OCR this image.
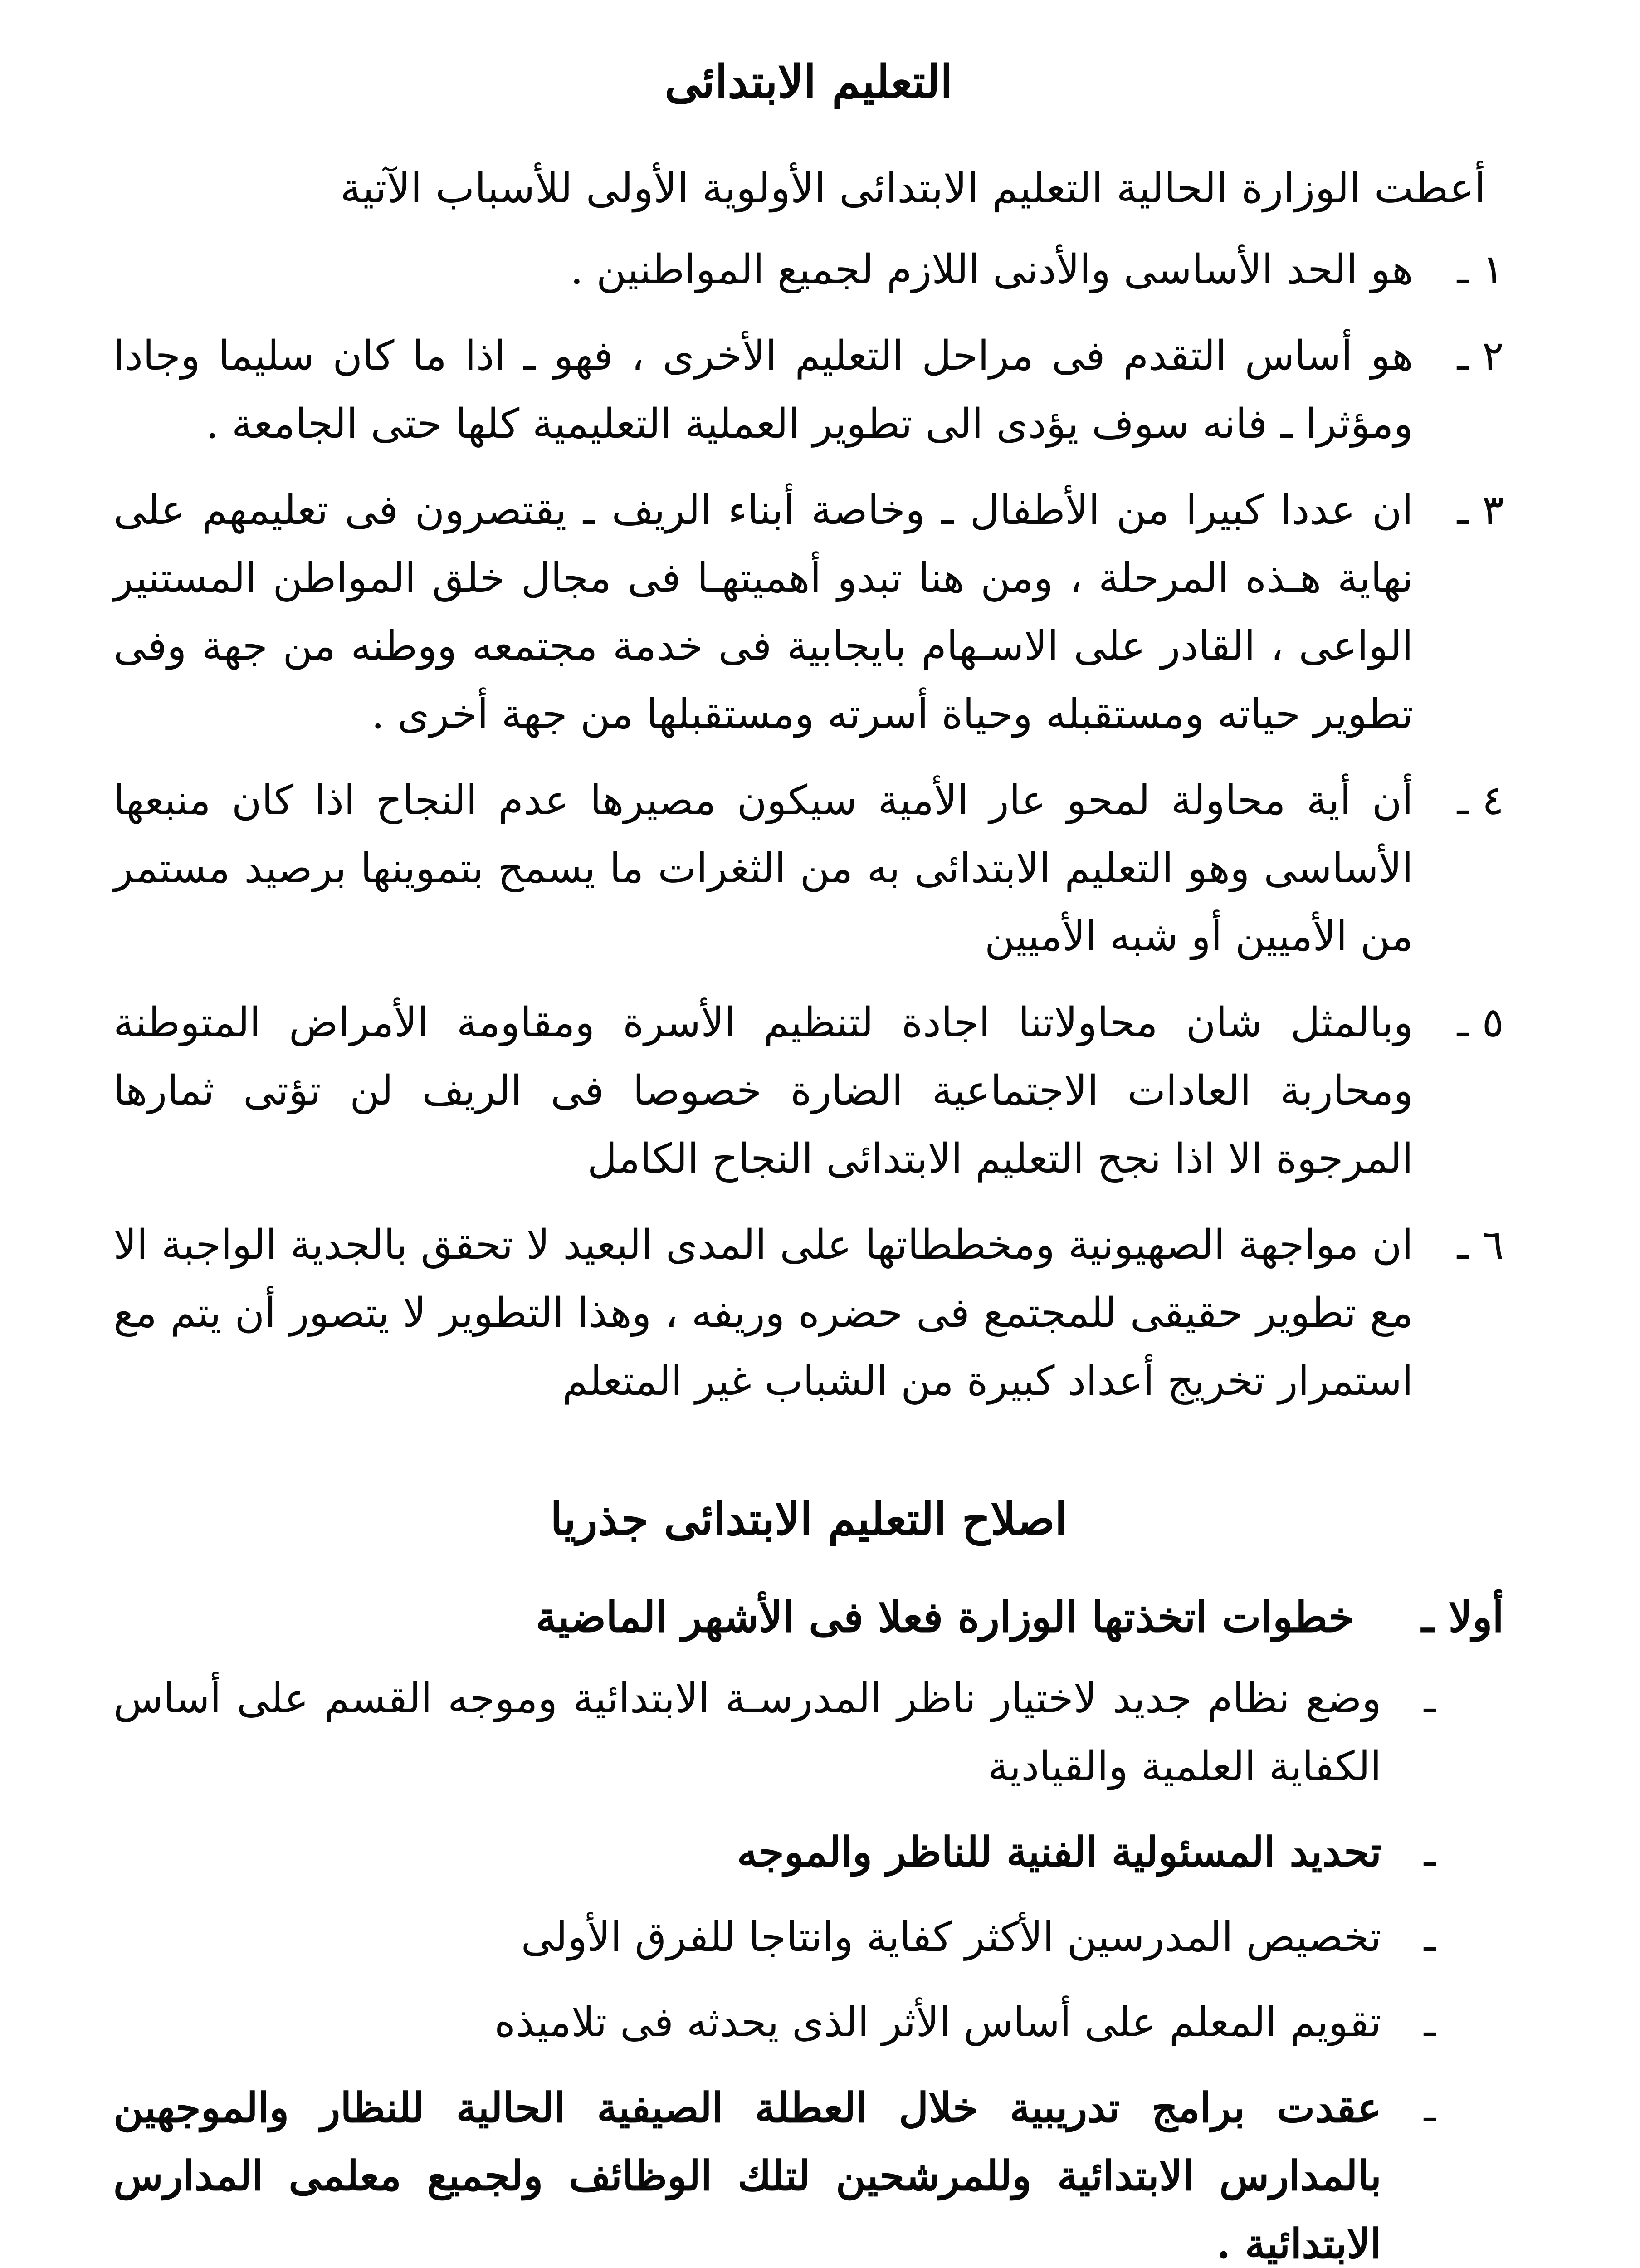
التعليم الابتدائى
أعطت الوزارة الحالية التعليم الابتدائى الأولوية الأولى للأسباب الآتية
١ ـ
هو الحد الأساسى والأدنى اللازم لجميع المواطنين .
٢ ـ
هو أساس التقدم فى مراحل التعليم الأخرى ، فهو ـ اذا ما كان سليما وجادا ومؤثرا ـ فانه سوف يؤدى الى تطوير العملية التعليمية كلها حتى الجامعة .
٣ ـ
ان عددا كبيرا من الأطفال ـ وخاصة أبناء الريف ـ يقتصرون فى تعليمهم على نهاية هـذه المرحلة ، ومن هنا تبدو أهميتهـا فى مجال خلق المواطن المستنير الواعى ، القادر على الاسـهام بايجابية فى خدمة مجتمعه ووطنه من جهة وفى تطوير حياته ومستقبله وحياة أسرته ومستقبلها من جهة أخرى .
٤ ـ
أن أية محاولة لمحو عار الأمية سيكون مصيرها عدم النجاح اذا كان منبعها الأساسى وهو التعليم الابتدائى به من الثغرات ما يسمح بتموينها برصيد مستمر من الأميين أو شبه الأميين
٥ ـ
وبالمثل شان محاولاتنا اجادة لتنظيم الأسرة ومقاومة الأمراض المتوطنة ومحاربة العادات الاجتماعية الضارة خصوصا فى الريف لن تؤتى ثمارها المرجوة الا اذا نجح التعليم الابتدائى النجاح الكامل
٦ ـ
ان مواجهة الصهيونية ومخططاتها على المدى البعيد لا تحقق بالجدية الواجبة الا مع تطوير حقيقى للمجتمع فى حضره وريفه ، وهذا التطوير لا يتصور أن يتم مع استمرار تخريج أعداد كبيرة من الشباب غير المتعلم
اصلاح التعليم الابتدائى جذريا
أولا ـ
خطوات اتخذتها الوزارة فعلا فى الأشهر الماضية
ـ
وضع نظام جديد لاختيار ناظر المدرسـة الابتدائية وموجه القسم على أساس الكفاية العلمية والقيادية
ـ
تحديد المسئولية الفنية للناظر والموجه
ـ
تخصيص المدرسين الأكثر كفاية وانتاجا للفرق الأولى
ـ
تقويم المعلم على أساس الأثر الذى يحدثه فى تلاميذه
ـ
عقدت برامج تدريبية خلال العطلة الصيفية الحالية للنظار والموجهين بالمدارس الابتدائية وللمرشحين لتلك الوظائف ولجميع معلمى المدارس الابتدائية .
